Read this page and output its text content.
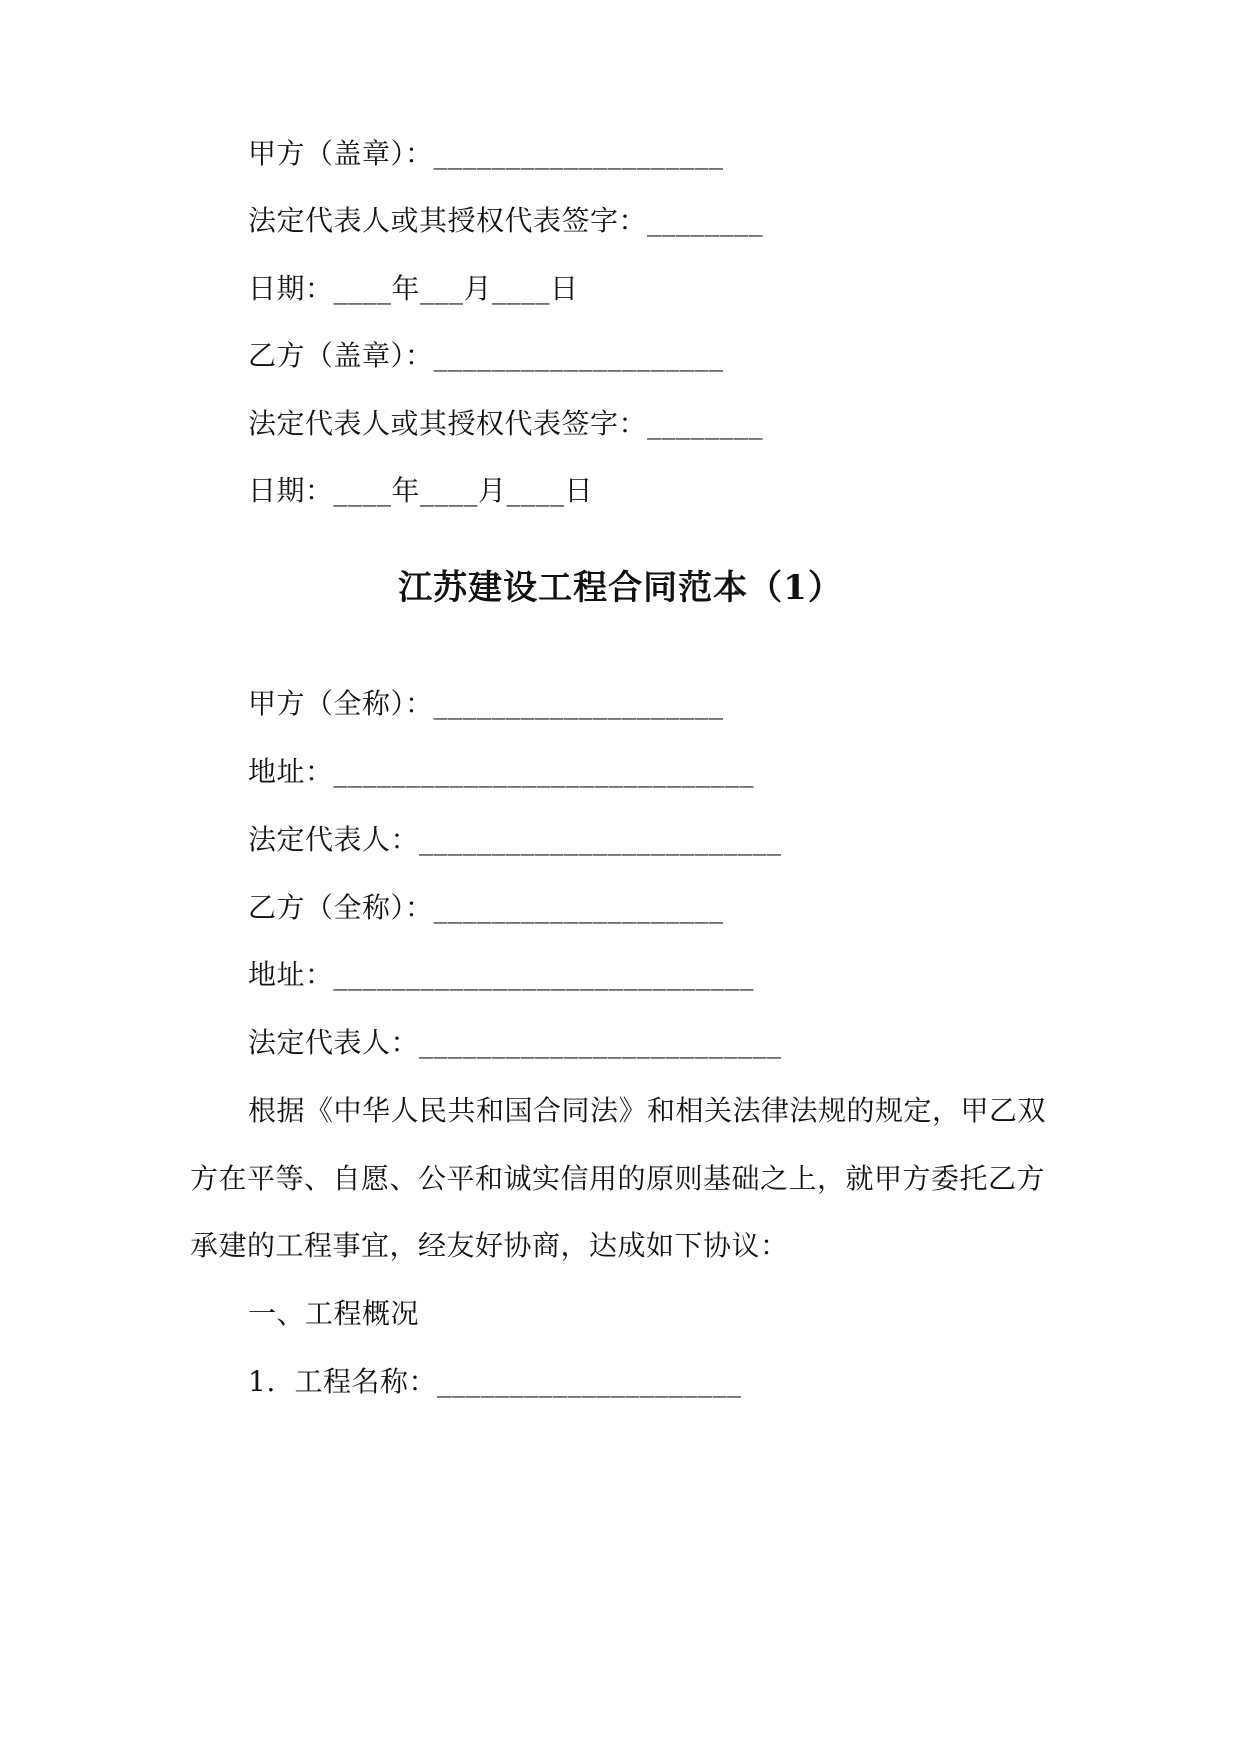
甲方（盖章）：____________________
法定代表人或其授权代表签字：________
日期：____年___月____日
乙方（盖章）：____________________
法定代表人或其授权代表签字：________
日期：____年____月____日
江苏建设工程合同范本（1）
甲方（全称）：____________________
地址：_____________________________
法定代表人：_________________________
乙方（全称）：____________________
地址：_____________________________
法定代表人：_________________________
根据《中华人民共和国合同法》和相关法律法规的规定，甲乙双
方在平等、自愿、公平和诚实信用的原则基础之上，就甲方委托乙方
承建的工程事宜，经友好协商，达成如下协议：
一、工程概况
1.  工程名称：_____________________
